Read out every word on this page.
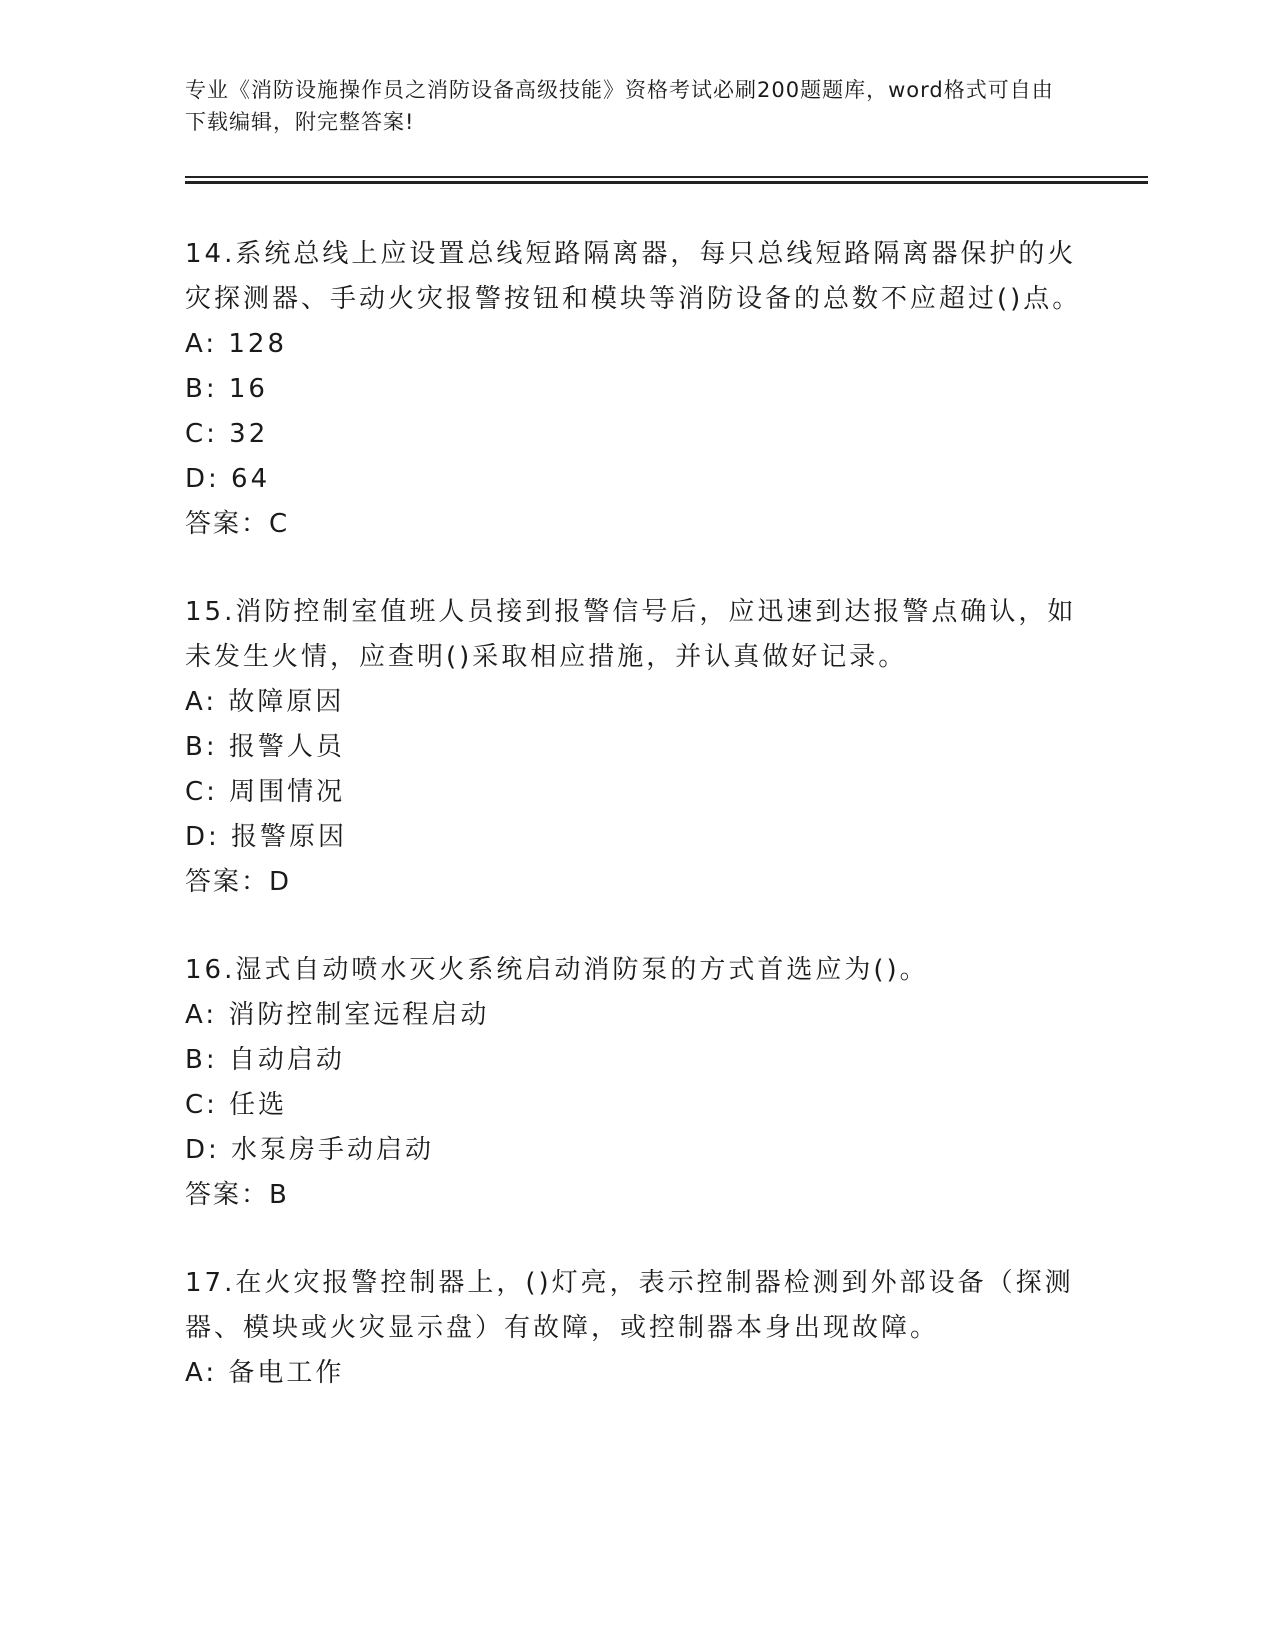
专业《消防设施操作员之消防设备高级技能》资格考试必刷200题题库，word格式可自由下载编辑，附完整答案!

14.系统总线上应设置总线短路隔离器，每只总线短路隔离器保护的火灾探测器、手动火灾报警按钮和模块等消防设备的总数不应超过()点。

A: 128

B: 16

C: 32

D: 64

答案：C

15.消防控制室值班人员接到报警信号后，应迅速到达报警点确认，如未发生火情，应查明()采取相应措施，并认真做好记录。

A: 故障原因

B: 报警人员

C: 周围情况

D: 报警原因

答案：D

16.湿式自动喷水灭火系统启动消防泵的方式首选应为()。

A: 消防控制室远程启动

B: 自动启动

C: 任选

D: 水泵房手动启动

答案：B

17.在火灾报警控制器上，()灯亮，表示控制器检测到外部设备（探测器、模块或火灾显示盘）有故障，或控制器本身出现故障。

A: 备电工作
